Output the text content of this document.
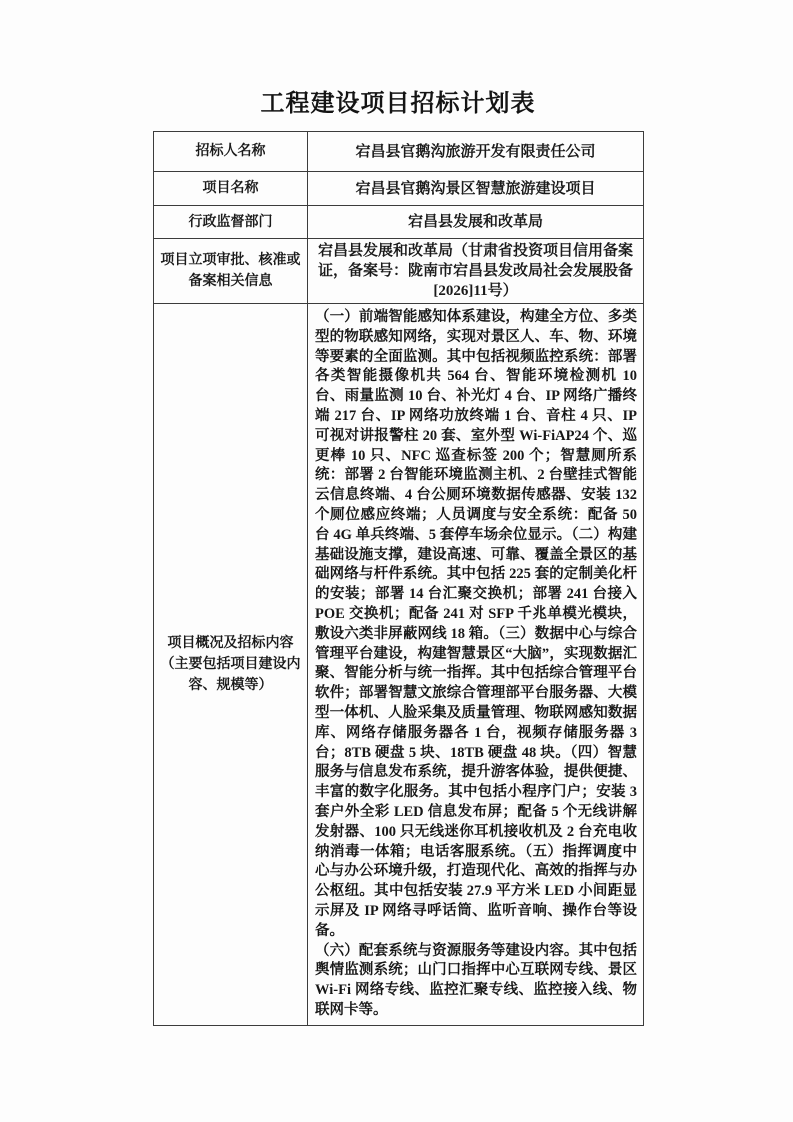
工程建设项目招标计划表
招标人名称	宕昌县官鹅沟旅游开发有限责任公司
项目名称	宕昌县官鹅沟景区智慧旅游建设项目
行政监督部门	宕昌县发展和改革局
项目立项审批、核准或备案相关信息	宕昌县发展和改革局（甘肃省投资项目信用备案证，备案号：陇南市宕昌县发改局社会发展股备[2026]11号）
项目概况及招标内容（主要包括项目建设内容、规模等）	（一）前端智能感知体系建设，构建全方位、多类型的物联感知网络，实现对景区人、车、物、环境等要素的全面监测。其中包括视频监控系统：部署各类智能摄像机共 564 台、智能环境检测机 10 台、雨量监测 10 台、补光灯 4 台、IP 网络广播终端 217 台、IP 网络功放终端 1 台、音柱 4 只、IP 可视对讲报警柱 20 套、室外型 Wi-FiAP24 个、巡更棒 10 只、NFC 巡查标签 200 个；智慧厕所系统：部署 2 台智能环境监测主机、2 台壁挂式智能云信息终端、4 台公厕环境数据传感器、安装 132 个厕位感应终端；人员调度与安全系统：配备 50 台 4G 单兵终端、5 套停车场余位显示。（二）构建基础设施支撑，建设高速、可靠、覆盖全景区的基础网络与杆件系统。其中包括 225 套的定制美化杆的安装；部署 14 台汇聚交换机；部署 241 台接入 POE 交换机；配备 241 对 SFP 千兆单模光模块，敷设六类非屏蔽网线 18 箱。（三）数据中心与综合管理平台建设，构建智慧景区“大脑”，实现数据汇聚、智能分析与统一指挥。其中包括综合管理平台软件；部署智慧文旅综合管理部平台服务器、大模型一体机、人脸采集及质量管理、物联网感知数据库、网络存储服务器各 1 台，视频存储服务器 3 台；8TB 硬盘 5 块、18TB 硬盘 48 块。（四）智慧服务与信息发布系统，提升游客体验，提供便捷、丰富的数字化服务。其中包括小程序门户；安装 3 套户外全彩 LED 信息发布屏；配备 5 个无线讲解发射器、100 只无线迷你耳机接收机及 2 台充电收纳消毒一体箱；电话客服系统。（五）指挥调度中心与办公环境升级，打造现代化、高效的指挥与办公枢纽。其中包括安装 27.9 平方米 LED 小间距显示屏及 IP 网络寻呼话筒、监听音响、操作台等设备。

（六）配套系统与资源服务等建设内容。其中包括舆情监测系统；山门口指挥中心互联网专线、景区 Wi-Fi 网络专线、监控汇聚专线、监控接入线、物联网卡等。
